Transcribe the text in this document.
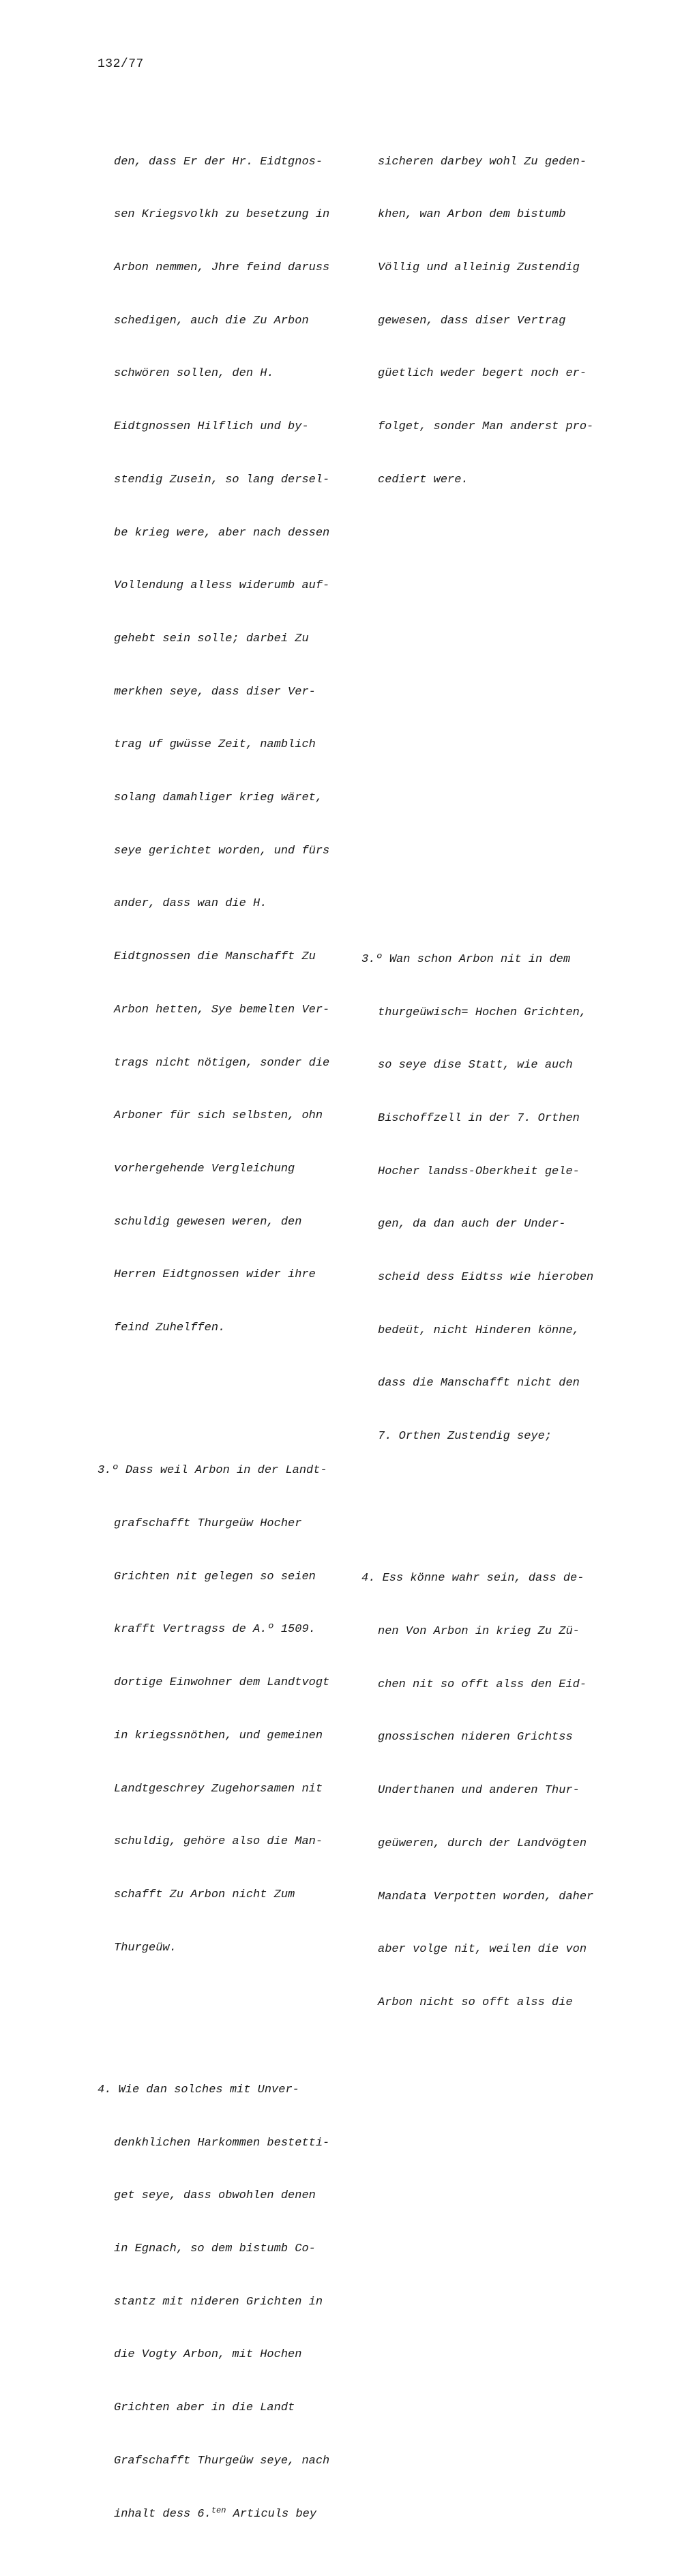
132/77

den, dass Er der Hr. Eidtgnos-

sen Kriegsvolkh zu besetzung in

Arbon nemmen, Jhre feind daruss

schedigen, auch die Zu Arbon

schwören sollen, den H.

Eidtgnossen Hilflich und by-

stendig Zusein, so lang dersel-

be krieg were, aber nach dessen

Vollendung alless widerumb auf-

gehebt sein solle; darbei Zu

merkhen seye, dass diser Ver-

trag uf gwüsse Zeit, namblich

solang damahliger krieg wäret,

seye gerichtet worden, und fürs

ander, dass wan die H.

Eidtgnossen die Manschafft Zu

Arbon hetten, Sye bemelten Ver-

trags nicht nötigen, sonder die

Arboner für sich selbsten, ohn

vorhergehende Vergleichung

schuldig gewesen weren, den

Herren Eidtgnossen wider ihre

feind Zuhelffen.

3.º Dass weil Arbon in der Landt-

grafschafft Thurgeüw Hocher

Grichten nit gelegen so seien

krafft Vertragss de A.º 1509.

dortige Einwohner dem Landtvogt

in kriegssnöthen, und gemeinen

Landtgeschrey Zugehorsamen nit

schuldig, gehöre also die Man-

schafft Zu Arbon nicht Zum

Thurgeüw.

4. Wie dan solches mit Unver-

denkhlichen Harkommen bestetti-

get seye, dass obwohlen denen

in Egnach, so dem bistumb Co-

stantz mit nideren Grichten in

die Vogty Arbon, mit Hochen

Grichten aber in die Landt

Grafschafft Thurgeüw seye, nach

inhalt dess 6.$^{ten}$ Articuls bey

sicheren darbey wohl Zu geden-

khen, wan Arbon dem bistumb

Völlig und alleinig Zustendig

gewesen, dass diser Vertrag

güetlich weder begert noch er-

folget, sonder Man anderst pro-

cediert were.

3.º Wan schon Arbon nit in dem

thurgeüwisch= Hochen Grichten,

so seye dise Statt, wie auch

Bischoffzell in der 7. Orthen

Hocher landss-Oberkheit gele-

gen, da dan auch der Under-

scheid dess Eidtss wie hieroben

bedeüt, nicht Hinderen könne,

dass die Manschafft nicht den

7. Orthen Zustendig seye;

4. Ess könne wahr sein, dass de-

nen Von Arbon in krieg Zu Zü-

chen nit so offt alss den Eid-

gnossischen nideren Grichtss

Underthanen und anderen Thur-

geüweren, durch der Landvögten

Mandata Verpotten worden, daher

aber volge nit, weilen die von

Arbon nicht so offt alss die
